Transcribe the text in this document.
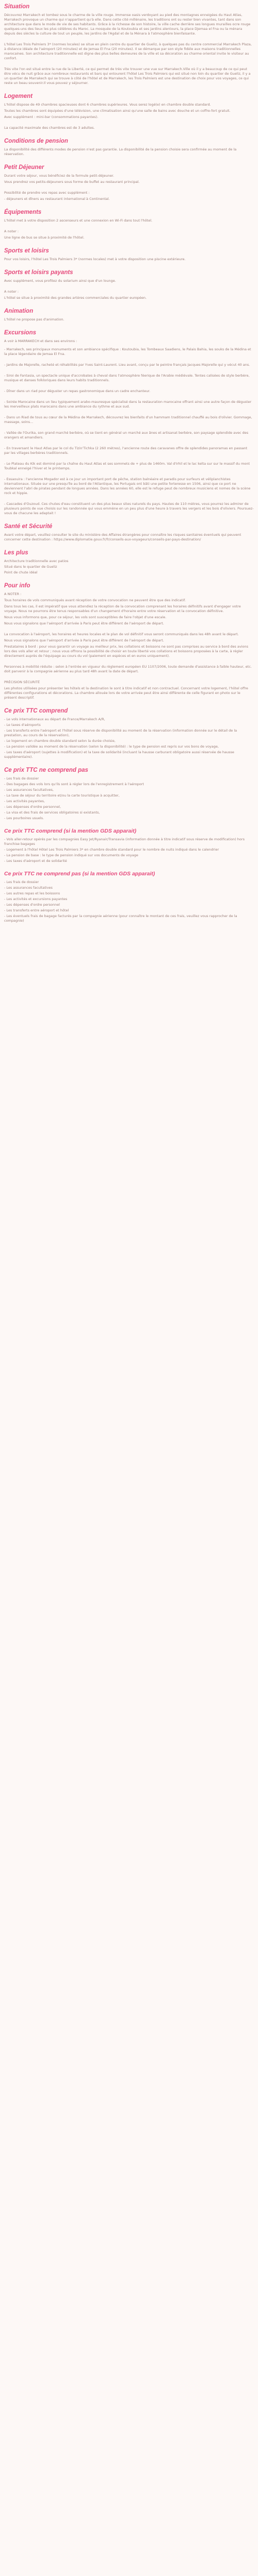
Situation
Découvrez Marrakech et tombez sous le charme de la ville rouge. Immense oasis verdoyant au pied des montagnes enneigées du Haut Atlas, Marrakech provoque un charme qui n'appartient qu'à elle. Dans cette cité millénaire, les traditions ont su rester bien vivantes, tant dans son architecture que dans le mode de vie de ses habitants. Grâce à la richesse de son histoire, la ville cache derrière ses longues murailles ocre rouge quelques-uns des lieux les plus célèbres du Maroc. La mosquée de la Koutoubia et ses jardins alentours, la place Djemaa el Fna ou la ménara depuis des siècles la culture de tout un peuple, les jardins de l'Agdal et de la Ménara à l'atmosphère bienfaisante.
L'hôtel Les Trois Palmiers 3* (normes locales) se situe en plein centre du quartier de Gueliz, à quelques pas du centre commercial Marrakech Plaza, à distance idéale de l'aéroport (20 minutes) et de Jemaa El Fna (20 minutes). Il se démarque par son style fidèle aux maisons traditionnelles marocaines. Son architecture traditionnelle est digne des plus belles demeures de la ville et sa décoration au charme oriental invite le visiteur au confort.
Très vite l'on est situé entre la rue de la Liberté, ce qui permet de très vite trouver une vue sur Marrakech.Ville où il y a beaucoup de ce qui peut être vécu de nuit grâce aux nombreux restaurants et bars qui entourent l'hôtel Les Trois Palmiers qui est situé non loin du quartier de Gueliz, il y a un quartier de Marrakech qui se trouve à côté de l'hôtel et de Marrakech, les Trois Palmiers est une destination de choix pour vos voyages, ce qui reste un beau souvenir.Il vous pouvez y séjourner.
Logement
L'hôtel dispose de 49 chambres spacieuses dont 6 chambres supérieures. Vous serez logé(e) en chambre double standard.
Toutes les chambres sont équipées d'une télévision, une climatisation ainsi qu'une salle de bains avec douche et un coffre-fort gratuit.
Avec supplément : mini-bar (consommations payantes).
La capacité maximale des chambres est de 3 adultes.
Conditions de pension
La disponibilité des différents modes de pension n'est pas garantie. La disponibilité de la pension choisie sera confirmée au moment de la réservation.
Petit Déjeuner
Durant votre séjour, vous bénéficiez de la formule petit-déjeuner.
Vous prendrez vos petits-déjeuners sous forme de buffet au restaurant principal.
Possibilité de prendre vos repas avec supplément :
- déjeuners et dîners au restaurant international à Continental.
Équipements
L'hôtel met à votre disposition 2 ascenseurs et une connexion en Wi-Fi dans tout l'hôtel.
A noter :
Une ligne de bus se situe à proximité de l'hôtel.
Sports et loisirs
Pour vos loisirs, l'hôtel Les Trois Palmiers 3* (normes locales) met à votre disposition une piscine extérieure.
Sports et loisirs payants
Avec supplément, vous profitez du solarium ainsi que d'un lounge.
A noter :
L'hôtel se situe à proximité des grandes artères commerciales du quartier européen.
Animation
L'hôtel ne propose pas d'animation.
Excursions
A voir à MARRAKECH et dans ses environs :
- Marrakech, ses principaux monuments et son ambiance spécifique : Koutoubia, les Tombeaux Saadiens, le Palais Bahia, les souks de la Médina et la place légendaire de Jemaa El Fna.
- Jardins de Majorelle, racheté et réhabilités par Yves Saint-Laurent. Lieu avant, conçu par le peintre français Jacques Majorelle qui y vécut 40 ans.
- Siroi de Fantasia, un spectacle unique d'accrobates à cheval dans l'atmosphère féerique de l'Arabie médiévale. Tentes calisées de style berbère, musique et danses folkloriques dans leurs habits traditionnels.
- Dîner dans un riad pour déguster un repas gastronomique dans un cadre enchanteur.
- Soirée Marocaine dans un lieu typiquement arabo-mauresque spécialisé dans la restauration marocaine offrant ainsi une autre façon de déguster les merveilleux plats marocains dans une ambiance du rythme et aux sud.
- Dans un Riad de tous au cœur de la Médina de Marrakech, découvrez les bienfaits d'un hammam traditionnel chauffé au bois d'olivier. Gommage, massage, soins...
- Vallée de l'Ourika, son grand marché berbère, où se tient en général un marché aux ânes et artisanat berbère, son paysage splendide avec des orangers et amandiers.
- En traversant le Haut Atlas par le col du Tizin'Tichka (2 260 mètres), l'ancienne route des caravanes offre de splendides panoramas en passant par les villages berbères traditionnels.
- Le Plateau du Kik est dominé par la chaîne du Haut Atlas et ses sommets de + plus de 1460m. Val d'Irhil et le lac kelta sur sur le massif du mont Toubkal enneigé l'hiver et le printemps.
- Essaouira : l'ancienne Mogador est à ce jour un important port de pêche, station balnéaire et paradis pour surfeurs et véliplanchistes internationaux. Située sur une presqu'île au bord de l'Atlantique, les Portugais ont bâti une petite forteresse en 1506, ainsi que ce port ne deviennent l'abri de pirates pendant de longues années. Dans les années 60, elle est le refuge peut de nombreux musiciens et nomes de la scène rock et hippie.
- Cascades d'Ouzoud. Ces chutes d'eau constituent un des plus beaux sites naturels du pays. Hautes de 110 mètres, vous pourrez les admirer de plusieurs points de vue choisis sur les randonnée qui vous emmène en un peu plus d'une heure à travers les vergers et les bois d'oliviers. Poursuez-vous de chacune les adaptait !
Santé et Sécurité
Avant votre départ, veuillez consulter le site du ministère des Affaires étrangères pour connaître les risques sanitaires éventuels qui peuvent concerner cette destination : https://www.diplomatie.gouv.fr/fr/conseils-aux-voyageurs/conseils-par-pays-destination/
Les plus
Architecture traditionnelle avec patios
Situé dans le quartier de Gueliz
Point de chute idéal
Pour info
A NOTER :
Tous horaires de vols communiqués avant réception de votre convocation ne peuvent être que des indicatif.
Dans tous les cas, il est impératif que vous attendiez la réception de la convocation comprenant les horaires définitifs avant d'engager votre voyage. Nous ne pourrons être tenus responsables d'un changement d'horaire entre votre réservation et la convocation définitive.
Nous vous informons que, pour ce séjour, les vols sont susceptibles de faire l'objet d'une escale.
Nous vous signalons que l'aéroport d'arrivée à Paris peut être différent de l'aéroport de départ.
La convocation à l'aéroport, les horaires et heures locales et le plan de vol définitif vous seront communiqués dans les 48h avant le départ.
Nous vous signalons que l'aéroport d'arrivée à Paris peut être différent de l'aéroport de départ.
Prestataires à bord : pour vous garantir un voyage au meilleur prix, les collations et boissons ne sont pas comprises au service à bord des avions lors des vols aller et retour ; nous vous offrons la possibilité de choisir en toute liberté vos collations et boissons proposées à la carte, à régler directement auprès de l'équipage au cours du vol (paiement en espèces et en euros uniquement).
Personnes à mobilité réduite : selon à l'entrée en vigueur du règlement européen EU 1107/2006, toute demande d'assistance à faible hauteur, etc. doit parvenir à la compagnie aérienne au plus tard 48h avant la date de départ.
PRÉCISION SÉCURITÉ
Les photos utilisées pour présenter les hôtels et la destination le sont à titre indicatif et non contractuel. Concernant votre logement, l'hôtel offre différentes configurations et décorations. La chambre allouée lors de votre arrivée peut être ainsi différente de celle figurant en photo sur le présent descriptif.
Ce prix TTC comprend
- Le vols internationaux au départ de France/Marrakech A/R,
- Le taxes d'aéroports
- Les transferts entre l'aéroport et l'hôtel sous réserve de disponibilité au moment de la réservation (information donnée sur le détail de la prestation, au cours de la réservation),
- Le logement en chambre double standard selon la durée choisie,
- La pension validée au moment de la réservation (selon la disponibilité) : le type de pension est repris sur vos bons de voyage,
- Les taxes d'aéroport (sujettes à modification) et la taxe de solidarité (incluant la hausse carburant obligatoire aussi réservée de hausse supplémentaire).
Ce prix TTC ne comprend pas
- Les frais de dossier
- Des bagages des vols lors qu'ils sont à régler lors de l'enregistrement à l'aéroport
- Les assurances facultatives,
- La taxe de séjour du territoire et/ou la carte touristique à acquitter,
- Les activités payantes,
- Les dépenses d'ordre personnel,
- La visa et des frais de services obligatoires si existants,
- Les pourboires usuels.
Ce prix TTC comprend (si la mention GDS apparait)
- Vols aller-retour opérés par les compagnies Easy Jet/Ryanair/Transavia (information donnée à titre indicatif sous réserve de modification) hors franchise bagages
- Logement à l'hôtel Hôtel Les Trois Palmiers 3* en chambre double standard pour le nombre de nuits indiqué dans le calendrier
- La pension de base : le type de pension indiqué sur vos documents de voyage
- Les taxes d'aéroport et de solidarité
Ce prix TTC ne comprend pas (si la mention GDS apparait)
- Les frais de dossier
- Les assurances facultatives
- Les autres repas et les boissons
- Les activités et excursions payantes
- Les dépenses d'ordre personnel
- Les transferts entre aéroport et hôtel
- Les éventuels frais de bagage facturés par la compagnie aérienne (pour connaître le montant de ces frais, veuillez vous rapprocher de la compagnie)
